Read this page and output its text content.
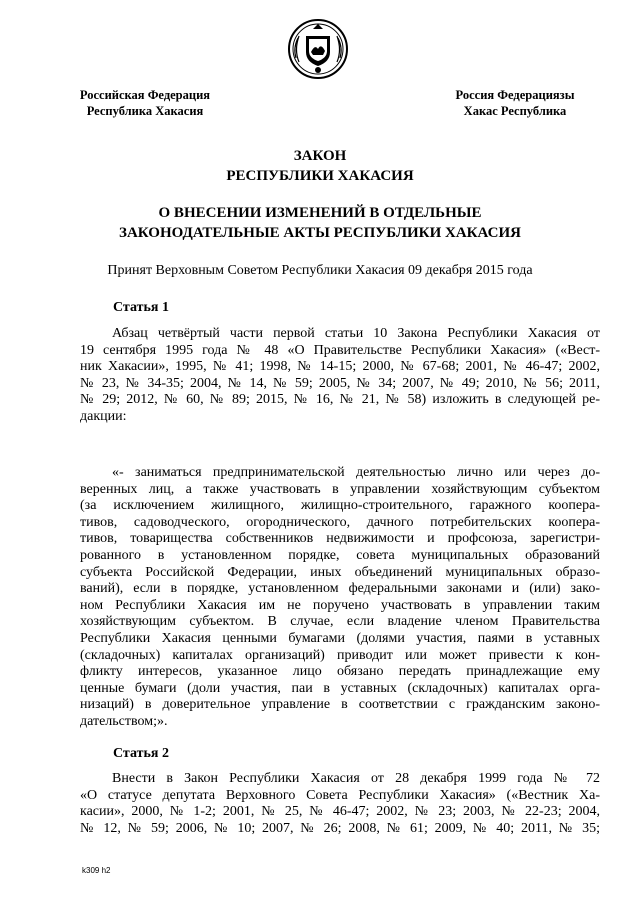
Российская Федерация
Республика Хакасия
Россия Федерациязы
Хакас Республика
ЗАКОН
РЕСПУБЛИКИ ХАКАСИЯ
О ВНЕСЕНИИ ИЗМЕНЕНИЙ В ОТДЕЛЬНЫЕ
ЗАКОНОДАТЕЛЬНЫЕ АКТЫ РЕСПУБЛИКИ ХАКАСИЯ
Принят Верховным Советом Республики Хакасия 09 декабря 2015 года
Статья 1
Абзац четвёртый части первой статьи 10 Закона Республики Хакасия от
19 сентября 1995 года № 48 «О Правительстве Республики Хакасия» («Вест-
ник Хакасии», 1995, № 41; 1998, № 14-15; 2000, № 67-68; 2001, № 46-47; 2002,
№ 23, № 34-35; 2004, № 14, № 59; 2005, № 34; 2007, № 49; 2010, № 56; 2011,
№ 29; 2012, № 60, № 89; 2015, № 16, № 21, № 58) изложить в следующей ре-
дакции:
«- заниматься предпринимательской деятельностью лично или через до-
веренных лиц, а также участвовать в управлении хозяйствующим субъектом
(за исключением жилищного, жилищно-строительного, гаражного коопера-
тивов, садоводческого, огороднического, дачного потребительских коопера-
тивов, товарищества собственников недвижимости и профсоюза, зарегистри-
рованного в установленном порядке, совета муниципальных образований
субъекта Российской Федерации, иных объединений муниципальных образо-
ваний), если в порядке, установленном федеральными законами и (или) зако-
ном Республики Хакасия им не поручено участвовать в управлении таким
хозяйствующим субъектом. В случае, если владение членом Правительства
Республики Хакасия ценными бумагами (долями участия, паями в уставных
(складочных) капиталах организаций) приводит или может привести к кон-
фликту интересов, указанное лицо обязано передать принадлежащие ему
ценные бумаги (доли участия, паи в уставных (складочных) капиталах орга-
низаций) в доверительное управление в соответствии с гражданским законо-
дательством;».
Статья 2
Внести в Закон Республики Хакасия от 28 декабря 1999 года № 72
«О статусе депутата Верховного Совета Республики Хакасия» («Вестник Ха-
касии», 2000, № 1-2; 2001, № 25, № 46-47; 2002, № 23; 2003, № 22-23; 2004,
№ 12, № 59; 2006, № 10; 2007, № 26; 2008, № 61; 2009, № 40; 2011, № 35;
k309 h2
